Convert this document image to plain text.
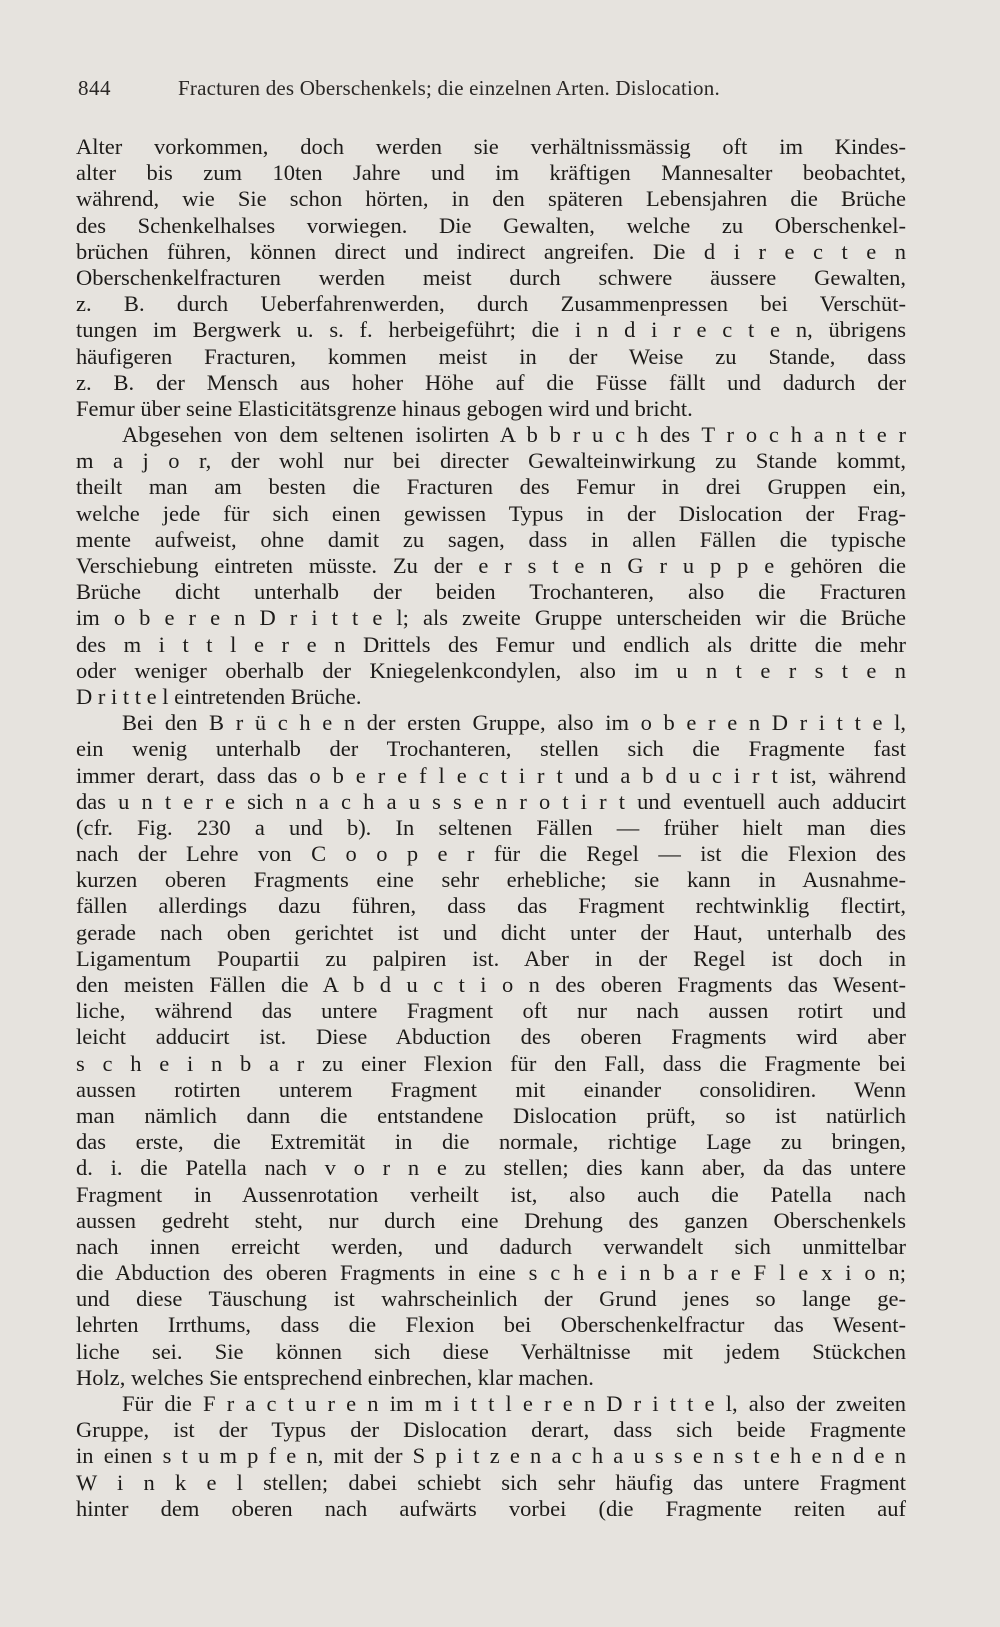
844	Fracturen des Oberschenkels; die einzelnen Arten. Dislocation.
Alter vorkommen, doch werden sie verhältnissmässig oft im Kindes-
alter bis zum 10ten Jahre und im kräftigen Mannesalter beobachtet,
während, wie Sie schon hörten, in den späteren Lebensjahren die Brüche
des Schenkelhalses vorwiegen. Die Gewalten, welche zu Oberschenkel-
brüchen führen, können direct und indirect angreifen. Die d i r e c t e n
Oberschenkelfracturen werden meist durch schwere äussere Gewalten,
z. B. durch Ueberfahrenwerden, durch Zusammenpressen bei Verschüt-
tungen im Bergwerk u. s. f. herbeigeführt; die i n d i r e c t e n, übrigens
häufigeren Fracturen, kommen meist in der Weise zu Stande, dass
z. B. der Mensch aus hoher Höhe auf die Füsse fällt und dadurch der
Femur über seine Elasticitätsgrenze hinaus gebogen wird und bricht.
Abgesehen von dem seltenen isolirten A b b r u c h des T r o c h a n t e r
m a j o r, der wohl nur bei directer Gewalteinwirkung zu Stande kommt,
theilt man am besten die Fracturen des Femur in drei Gruppen ein,
welche jede für sich einen gewissen Typus in der Dislocation der Frag-
mente aufweist, ohne damit zu sagen, dass in allen Fällen die typische
Verschiebung eintreten müsste. Zu der e r s t e n G r u p p e gehören die
Brüche dicht unterhalb der beiden Trochanteren, also die Fracturen
im o b e r e n D r i t t e l; als zweite Gruppe unterscheiden wir die Brüche
des m i t t l e r e n Drittels des Femur und endlich als dritte die mehr
oder weniger oberhalb der Kniegelenkcondylen, also im u n t e r s t e n
D r i t t e l eintretenden Brüche.
Bei den B r ü c h e n der ersten Gruppe, also im o b e r e n D r i t t e l,
ein wenig unterhalb der Trochanteren, stellen sich die Fragmente fast
immer derart, dass das o b e r e f l e c t i r t und a b d u c i r t ist, während
das u n t e r e sich n a c h a u s s e n r o t i r t und eventuell auch adducirt
(cfr. Fig. 230 a und b). In seltenen Fällen — früher hielt man dies
nach der Lehre von C o o p e r für die Regel — ist die Flexion des
kurzen oberen Fragments eine sehr erhebliche; sie kann in Ausnahme-
fällen allerdings dazu führen, dass das Fragment rechtwinklig flectirt,
gerade nach oben gerichtet ist und dicht unter der Haut, unterhalb des
Ligamentum Poupartii zu palpiren ist. Aber in der Regel ist doch in
den meisten Fällen die A b d u c t i o n des oberen Fragments das Wesent-
liche, während das untere Fragment oft nur nach aussen rotirt und
leicht adducirt ist. Diese Abduction des oberen Fragments wird aber
s c h e i n b a r zu einer Flexion für den Fall, dass die Fragmente bei
aussen rotirten unterem Fragment mit einander consolidiren. Wenn
man nämlich dann die entstandene Dislocation prüft, so ist natürlich
das erste, die Extremität in die normale, richtige Lage zu bringen,
d. i. die Patella nach v o r n e zu stellen; dies kann aber, da das untere
Fragment in Aussenrotation verheilt ist, also auch die Patella nach
aussen gedreht steht, nur durch eine Drehung des ganzen Oberschenkels
nach innen erreicht werden, und dadurch verwandelt sich unmittelbar
die Abduction des oberen Fragments in eine s c h e i n b a r e F l e x i o n;
und diese Täuschung ist wahrscheinlich der Grund jenes so lange ge-
lehrten Irrthums, dass die Flexion bei Oberschenkelfractur das Wesent-
liche sei. Sie können sich diese Verhältnisse mit jedem Stückchen
Holz, welches Sie entsprechend einbrechen, klar machen.
Für die F r a c t u r e n im m i t t l e r e n D r i t t e l, also der zweiten
Gruppe, ist der Typus der Dislocation derart, dass sich beide Fragmente
in einen s t u m p f e n, mit der S p i t z e n a c h a u s s e n s t e h e n d e n
W i n k e l stellen; dabei schiebt sich sehr häufig das untere Fragment
hinter dem oberen nach aufwärts vorbei (die Fragmente reiten auf
